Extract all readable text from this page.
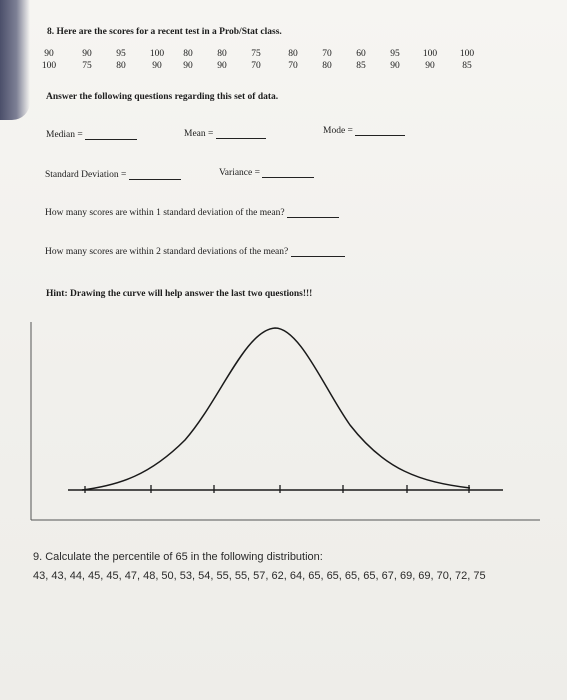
8. Here are the scores for a recent test in a Prob/Stat class.
90	90	95	100 80	80	75	80	70	60	95 100 100
100	75	80	90 90	90	70	70	80	85	90	90	85
Answer the following questions regarding this set of data.
Median =	Mean =	Mode =
Standard Deviation =	Variance =
How many scores are within 1 standard deviation of the mean?
How many scores are within 2 standard deviations of the mean?
Hint: Drawing the curve will help answer the last two questions!!!
9. Calculate the percentile of 65 in the following distribution:
43, 43, 44, 45, 45, 47, 48, 50, 53, 54, 55, 55, 57, 62, 64, 65, 65, 65, 65, 67, 69, 69, 70, 72, 75
